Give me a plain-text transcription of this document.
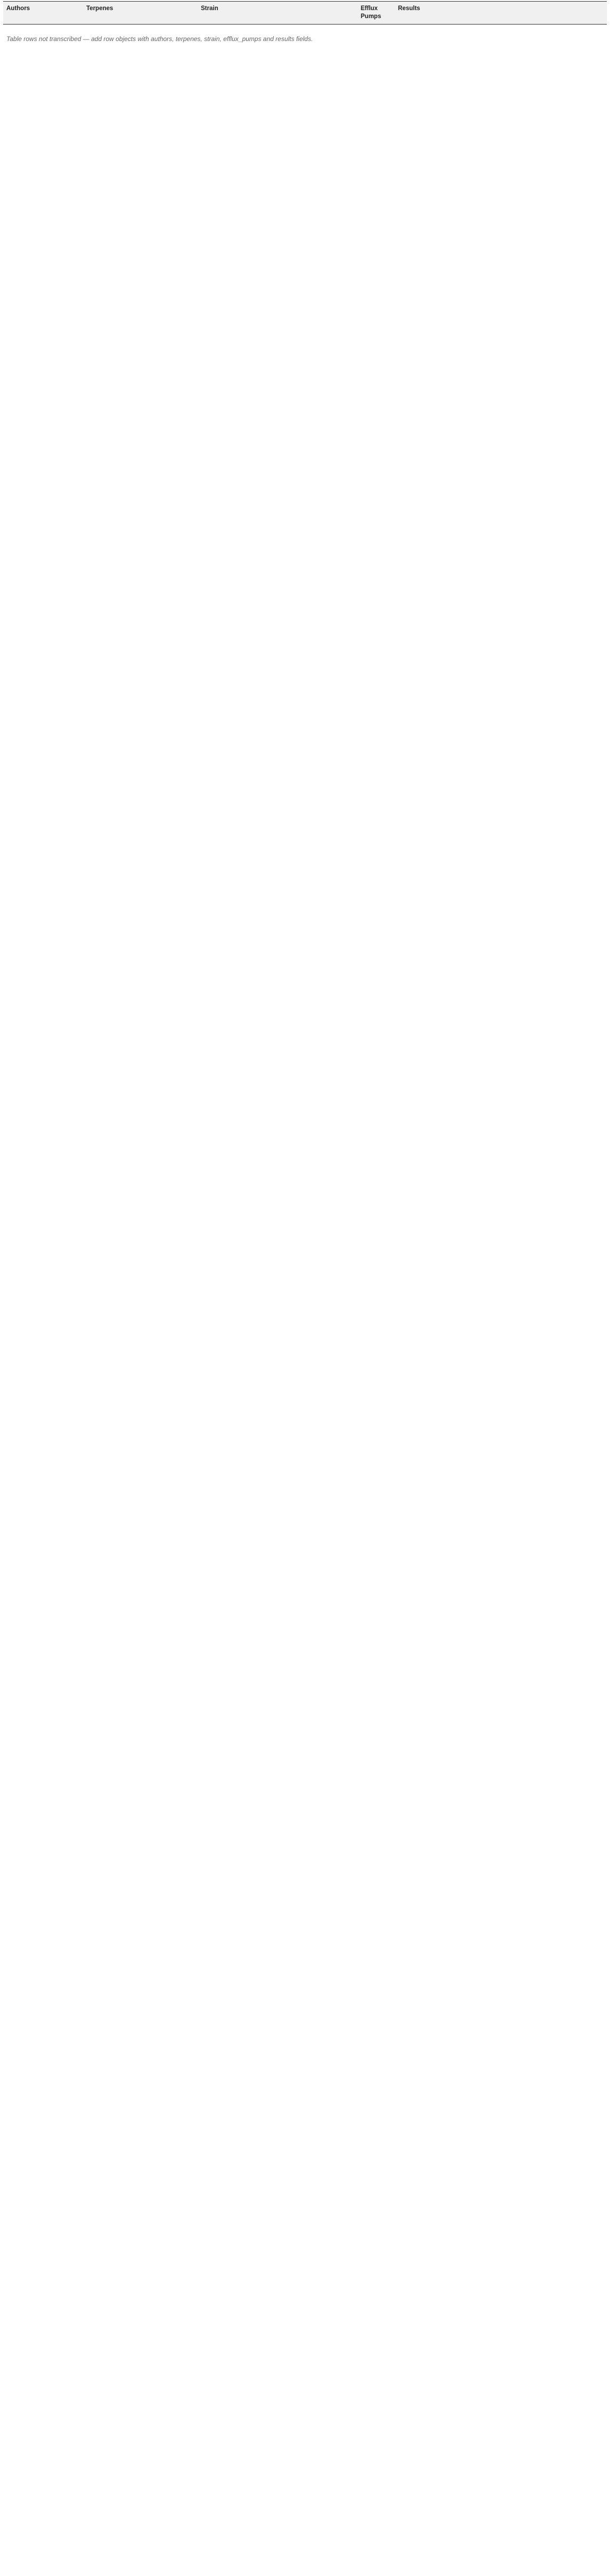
Authors	Terpenes	Strain	Efflux Pumps	Results
Table rows not transcribed — add row objects with authors, terpenes, strain, efflux_pumps and results fields.
